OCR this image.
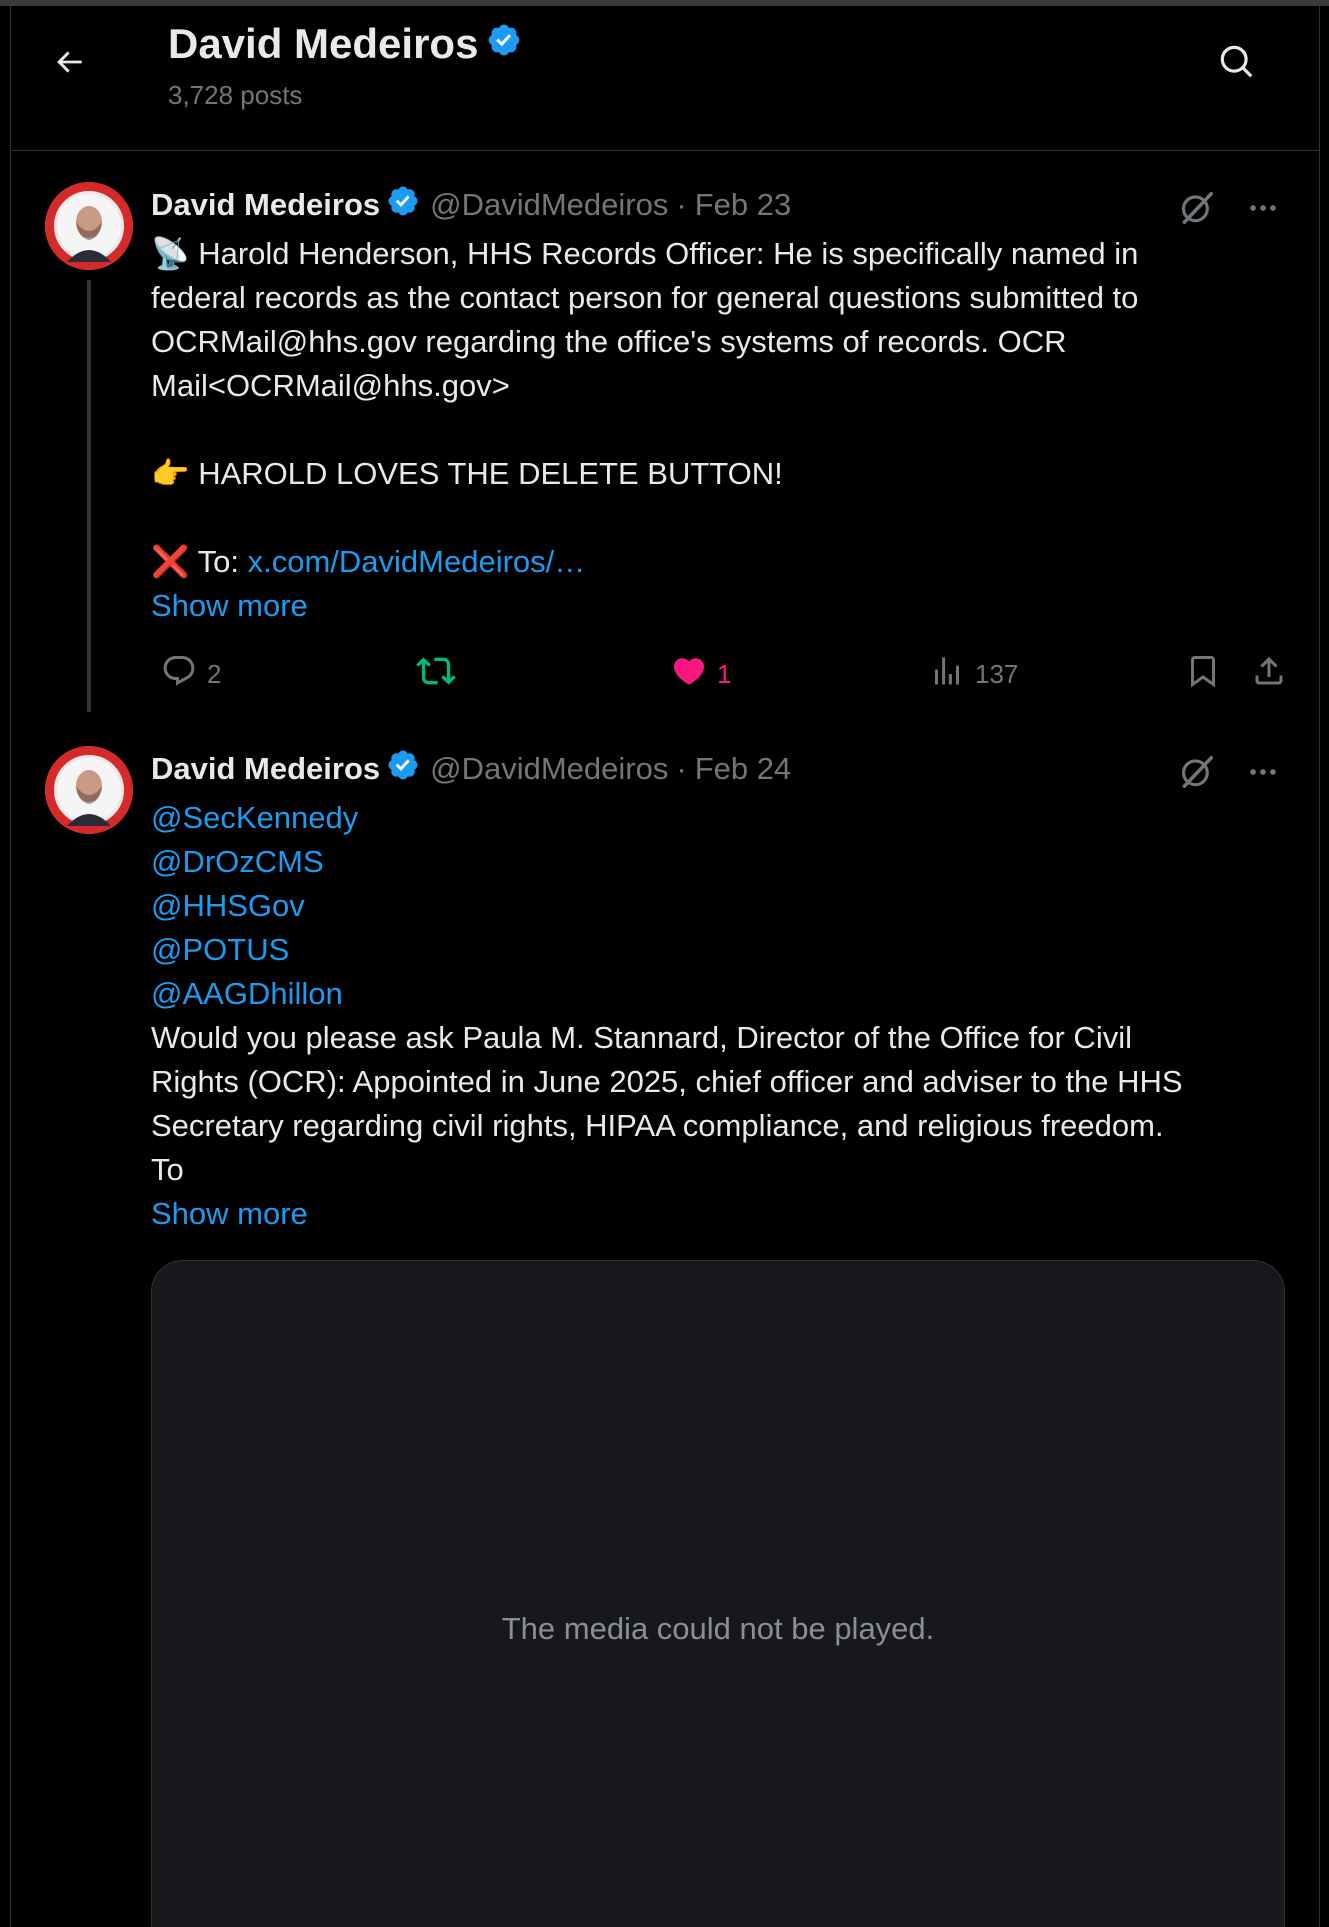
David Medeiros
3,728 posts
David Medeiros @DavidMedeiros · Feb 23
📡 Harold Henderson, HHS Records Officer: He is specifically named in
federal records as the contact person for general questions submitted to
OCRMail@hhs.gov regarding the office's systems of records. OCR
Mail<OCRMail@hhs.gov>
👉 HAROLD LOVES THE DELETE BUTTON!
❌ To: x.com/DavidMedeiros/…
Show more
2	1	137
David Medeiros @DavidMedeiros · Feb 24
@SecKennedy
@DrOzCMS
@HHSGov
@POTUS
@AAGDhillon
Would you please ask Paula M. Stannard, Director of the Office for Civil
Rights (OCR): Appointed in June 2025, chief officer and adviser to the HHS
Secretary regarding civil rights, HIPAA compliance, and religious freedom.
To
Show more
The media could not be played.
